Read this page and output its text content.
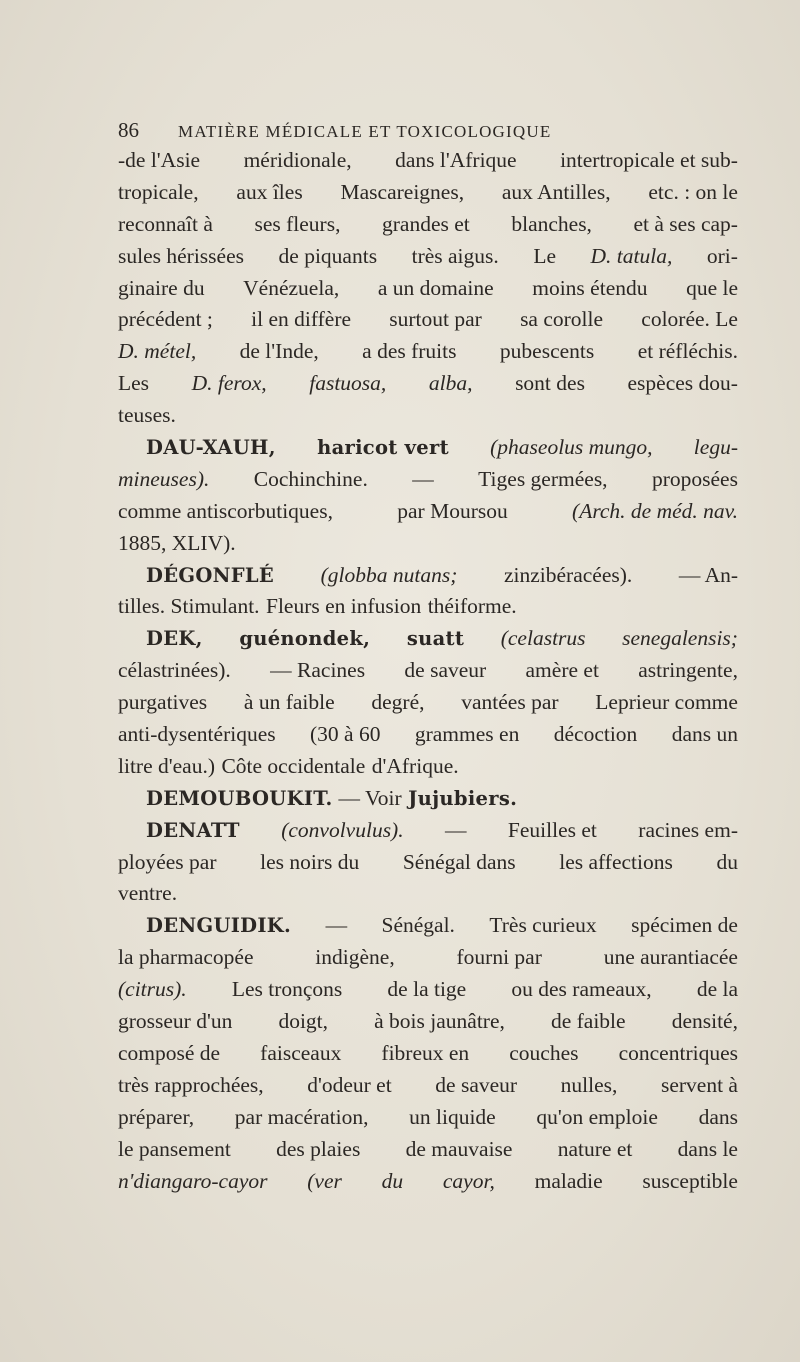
86	MATIÈRE MÉDICALE ET TOXICOLOGIQUE
-de l'Asie méridionale, dans l'Afrique intertropicale et sub-
tropicale, aux îles Mascareignes, aux Antilles, etc. : on le
reconnaît à ses fleurs, grandes et blanches, et à ses cap-
sules hérissées de piquants très aigus. Le D. tatula, ori-
ginaire du Vénézuela, a un domaine moins étendu que le
précédent ; il en diffère surtout par sa corolle colorée. Le
D. métel, de l'Inde, a des fruits pubescents et réfléchis.
Les D. ferox, fastuosa, alba, sont des espèces dou-
teuses.
DAU-XAUH, haricot vert (phaseolus mungo, legu-
mineuses). Cochinchine. — Tiges germées, proposées
comme antiscorbutiques,	par Moursou	(Arch. de méd. nav.
1885, XLIV).
DÉGONFLÉ (globba nutans; zinzibéracées). — An-
tilles. Stimulant. Fleurs en infusion théiforme.
DEK, guénondek, suatt (celastrus senegalensis;
célastrinées). — Racines de saveur amère et astringente,
purgatives à un faible degré, vantées par Leprieur comme
anti-dysentériques (30 à 60 grammes en décoction dans un
litre d'eau.) Côte occidentale d'Afrique.
DEMOUBOUKIT. — Voir Jujubiers.
DENATT (convolvulus). — Feuilles et racines em-
ployées par les noirs du Sénégal dans les affections du
ventre.
DENGUIDIK. — Sénégal. Très curieux spécimen de
la pharmacopée	indigène,	fourni par	une aurantiacée
(citrus). Les tronçons de la tige ou des rameaux, de la
grosseur d'un doigt, à bois jaunâtre, de faible densité,
composé de faisceaux fibreux en couches concentriques
très rapprochées, d'odeur et de saveur nulles, servent à
préparer, par macération, un liquide qu'on emploie dans
le pansement des plaies de mauvaise nature et dans le
n'diangaro-cayor (ver du cayor, maladie susceptible
